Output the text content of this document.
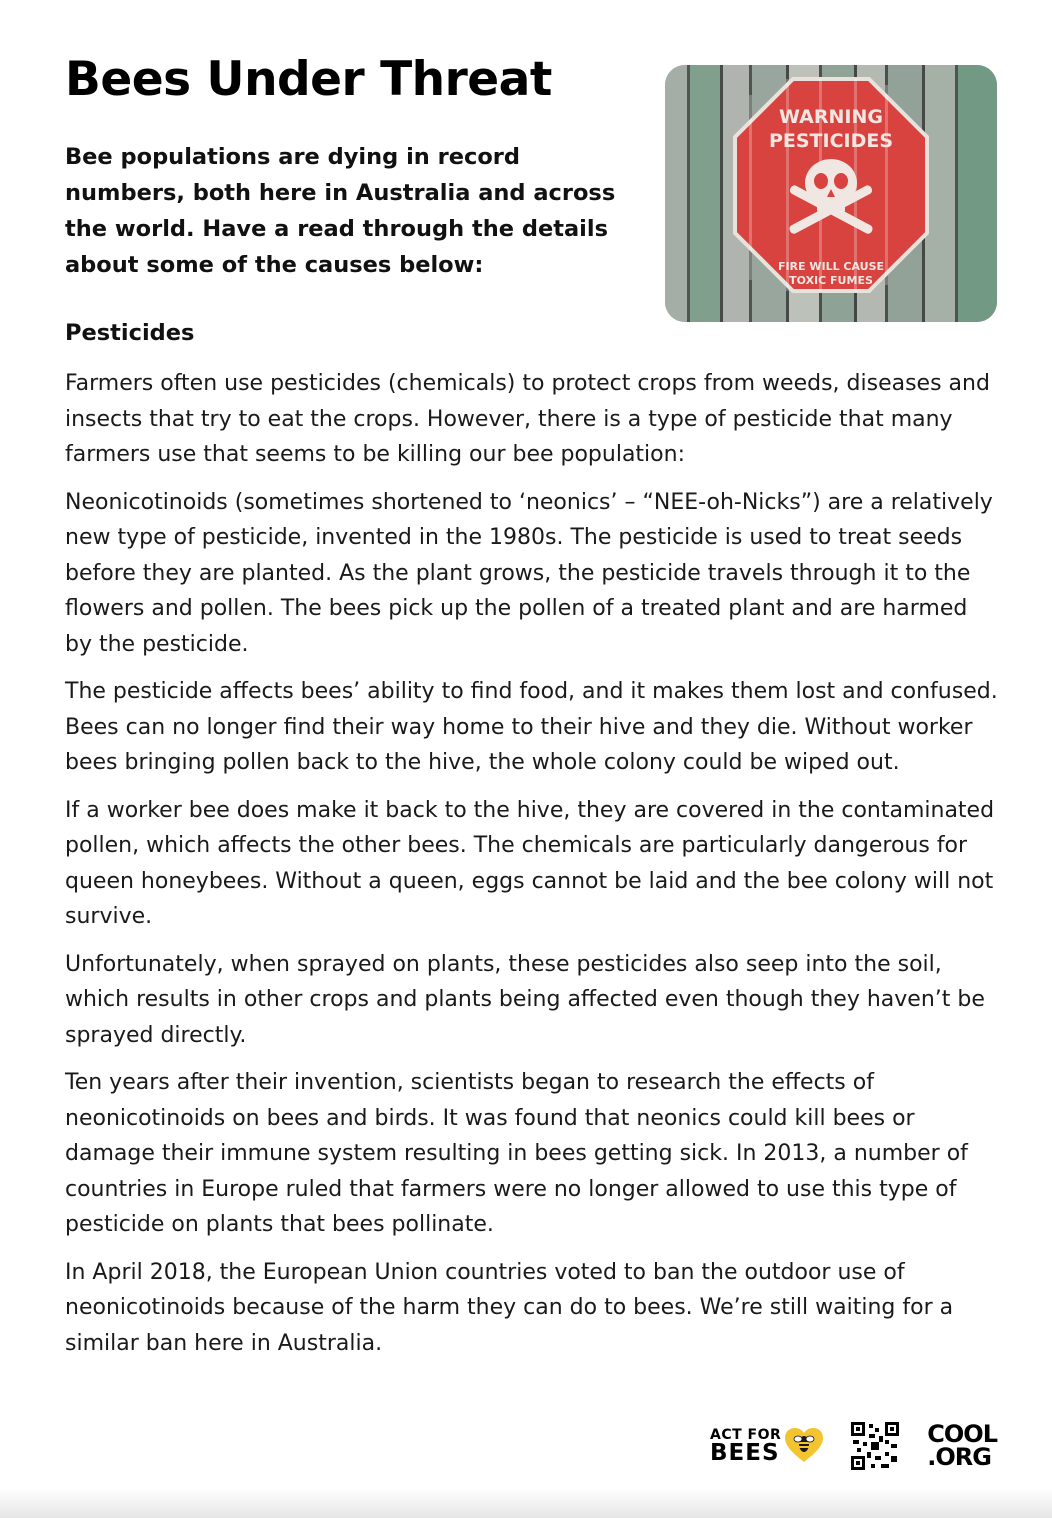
Bees Under Threat

Bee populations are dying in record numbers, both here in Australia and across the world. Have a read through the details about some of the causes below:

WARNING
PESTICIDES
FIRE WILL CAUSE
TOXIC FUMES
Pesticides

Farmers often use pesticides (chemicals) to protect crops from weeds, diseases and insects that try to eat the crops. However, there is a type of pesticide that many farmers use that seems to be killing our bee population:

Neonicotinoids (sometimes shortened to ‘neonics’ – “NEE-oh-Nicks”) are a relatively new type of pesticide, invented in the 1980s. The pesticide is used to treat seeds before they are planted. As the plant grows, the pesticide travels through it to the flowers and pollen. The bees pick up the pollen of a treated plant and are harmed by the pesticide.

The pesticide affects bees’ ability to find food, and it makes them lost and confused. Bees can no longer find their way home to their hive and they die. Without worker bees bringing pollen back to the hive, the whole colony could be wiped out.

If a worker bee does make it back to the hive, they are covered in the contaminated pollen, which affects the other bees. The chemicals are particularly dangerous for queen honeybees. Without a queen, eggs cannot be laid and the bee colony will not survive.

Unfortunately, when sprayed on plants, these pesticides also seep into the soil, which results in other crops and plants being affected even though they haven’t be sprayed directly.

Ten years after their invention, scientists began to research the effects of neonicotinoids on bees and birds. It was found that neonics could kill bees or damage their immune system resulting in bees getting sick. In 2013, a number of countries in Europe ruled that farmers were no longer allowed to use this type of pesticide on plants that bees pollinate.

In April 2018, the European Union countries voted to ban the outdoor use of neonicotinoids because of the harm they can do to bees. We’re still waiting for a similar ban here in Australia.

ACT FOR
BEES
COOL
.ORG
